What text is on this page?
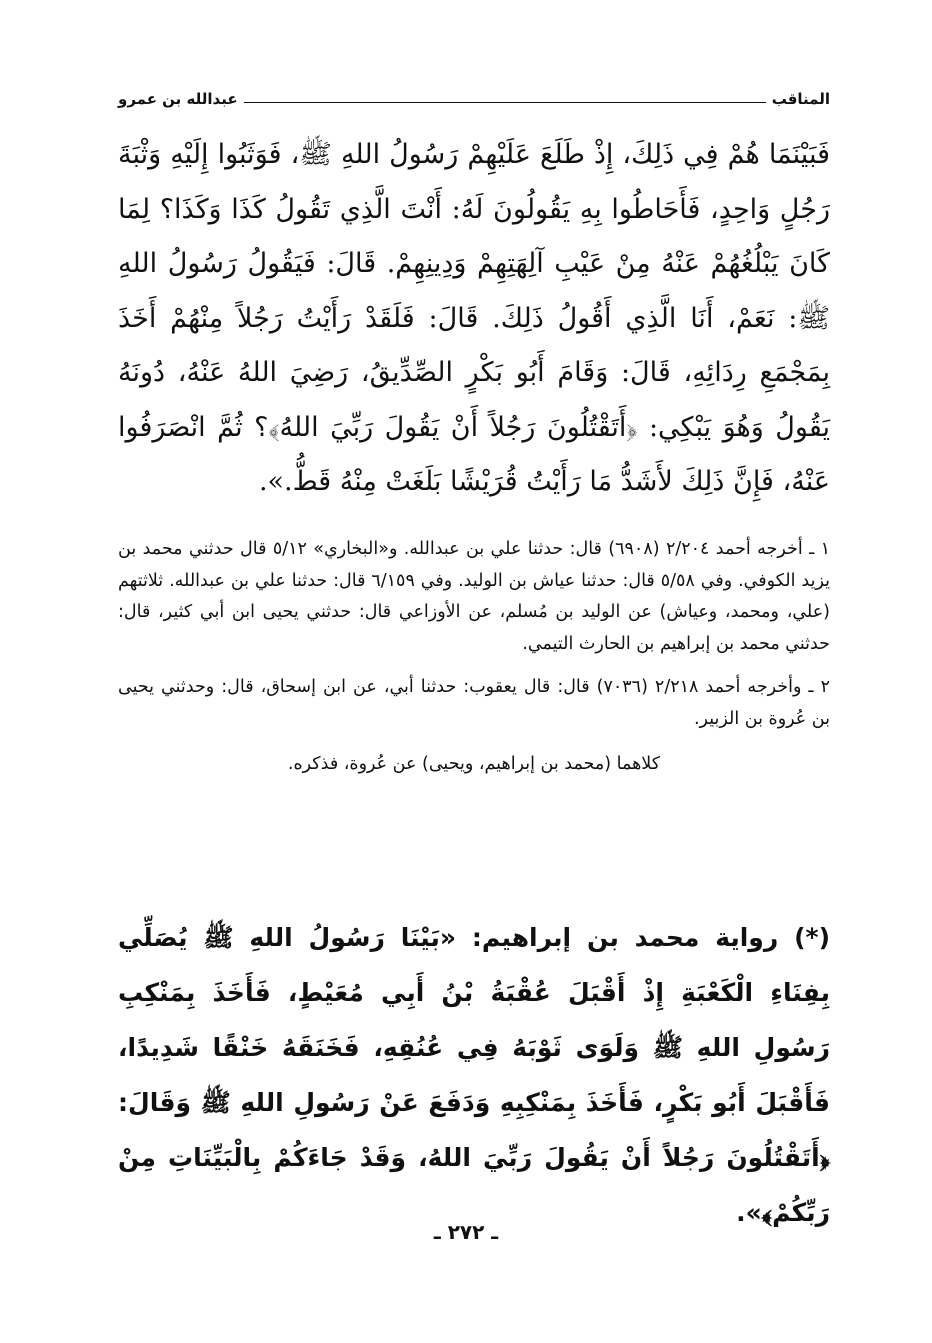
المناقب
عبدالله بن عمرو

فَبَيْنَمَا هُمْ فِي ذَلِكَ، إِذْ طَلَعَ عَلَيْهِمْ رَسُولُ اللهِ ﷺ، فَوَثَبُوا إِلَيْهِ وَثْبَةَ رَجُلٍ وَاحِدٍ، فَأَحَاطُوا بِهِ يَقُولُونَ لَهُ: أَنْتَ الَّذِي تَقُولُ كَذَا وَكَذَا؟ لِمَا كَانَ يَبْلُغُهُمْ عَنْهُ مِنْ عَيْبِ آلِهَتِهِمْ وَدِينِهِمْ. قَالَ: فَيَقُولُ رَسُولُ اللهِ ﷺ: نَعَمْ، أَنَا الَّذِي أَقُولُ ذَلِكَ. قَالَ: فَلَقَدْ رَأَيْتُ رَجُلاً مِنْهُمْ أَخَذَ بِمَجْمَعِ رِدَائِهِ، قَالَ: وَقَامَ أَبُو بَكْرٍ الصِّدِّيقُ، رَضِيَ اللهُ عَنْهُ، دُونَهُ يَقُولُ وَهُوَ يَبْكِي: ﴿أَتَقْتُلُونَ رَجُلاً أَنْ يَقُولَ رَبِّيَ اللهُ﴾؟ ثُمَّ انْصَرَفُوا عَنْهُ، فَإِنَّ ذَلِكَ لأَشَدُّ مَا رَأَيْتُ قُرَيْشًا بَلَغَتْ مِنْهُ قَطُّ.».

١ ـ أخرجه أحمد ٢/٢٠٤ (٦٩٠٨) قال: حدثنا علي بن عبدالله. و«البخاري» ٥/١٢ قال حدثني محمد بن يزيد الكوفي. وفي ٥/٥٨ قال: حدثنا عياش بن الوليد. وفي ٦/١٥٩ قال: حدثنا علي بن عبدالله. ثلاثتهم (علي، ومحمد، وعياش) عن الوليد بن مُسلم، عن الأوزاعي قال: حدثني يحيى ابن أبي كثير، قال: حدثني محمد بن إبراهيم بن الحارث التيمي.

٢ ـ وأخرجه أحمد ٢/٢١٨ (٧٠٣٦) قال: قال يعقوب: حدثنا أبي، عن ابن إسحاق، قال: وحدثني يحيى بن عُروة بن الزبير.

كلاهما (محمد بن إبراهيم، ويحيى) عن عُروة، فذكره.

(*) رواية محمد بن إبراهيم: «بَيْنَا رَسُولُ اللهِ ﷺ يُصَلِّي بِفِنَاءِ الْكَعْبَةِ إِذْ أَقْبَلَ عُقْبَةُ بْنُ أَبِي مُعَيْطٍ، فَأَخَذَ بِمَنْكِبِ رَسُولِ اللهِ ﷺ وَلَوَى ثَوْبَهُ فِي عُنُقِهِ، فَخَنَقَهُ خَنْقًا شَدِيدًا، فَأَقْبَلَ أَبُو بَكْرٍ، فَأَخَذَ بِمَنْكِبِهِ وَدَفَعَ عَنْ رَسُولِ اللهِ ﷺ وَقَالَ: ﴿أَتَقْتُلُونَ رَجُلاً أَنْ يَقُولَ رَبِّيَ اللهُ، وَقَدْ جَاءَكُمْ بِالْبَيِّنَاتِ مِنْ رَبِّكُمْ﴾».

ـ ٢٧٢ ـ
